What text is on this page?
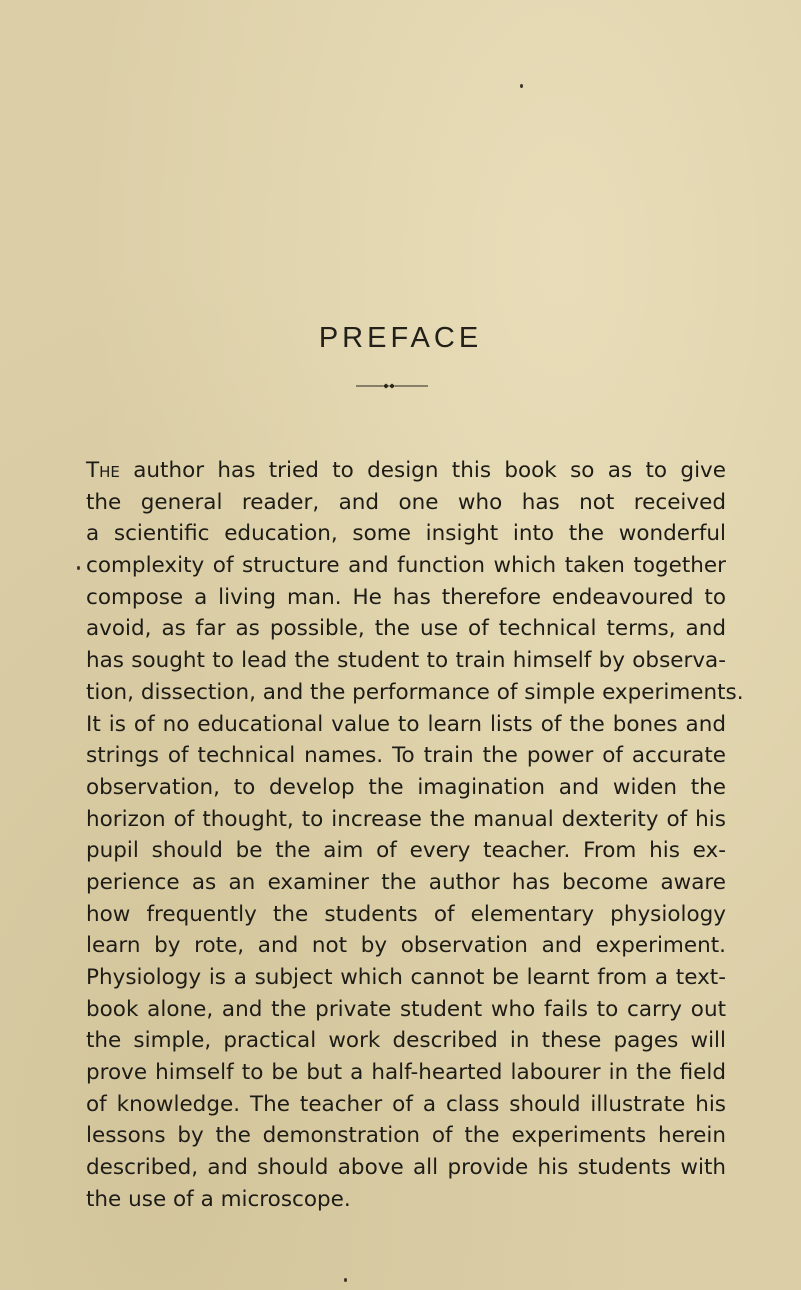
PREFACE
The author has tried to design this book so as to give
the general reader, and one who has not received
a scientific education, some insight into the wonderful
complexity of structure and function which taken together
compose a living man. He has therefore endeavoured to
avoid, as far as possible, the use of technical terms, and
has sought to lead the student to train himself by observa-
tion, dissection, and the performance of simple experiments.
It is of no educational value to learn lists of the bones and
strings of technical names. To train the power of accurate
observation, to develop the imagination and widen the
horizon of thought, to increase the manual dexterity of his
pupil should be the aim of every teacher. From his ex-
perience as an examiner the author has become aware
how frequently the students of elementary physiology
learn by rote, and not by observation and experiment.
Physiology is a subject which cannot be learnt from a text-
book alone, and the private student who fails to carry out
the simple, practical work described in these pages will
prove himself to be but a half-hearted labourer in the field
of knowledge. The teacher of a class should illustrate his
lessons by the demonstration of the experiments herein
described, and should above all provide his students with
the use of a microscope.
